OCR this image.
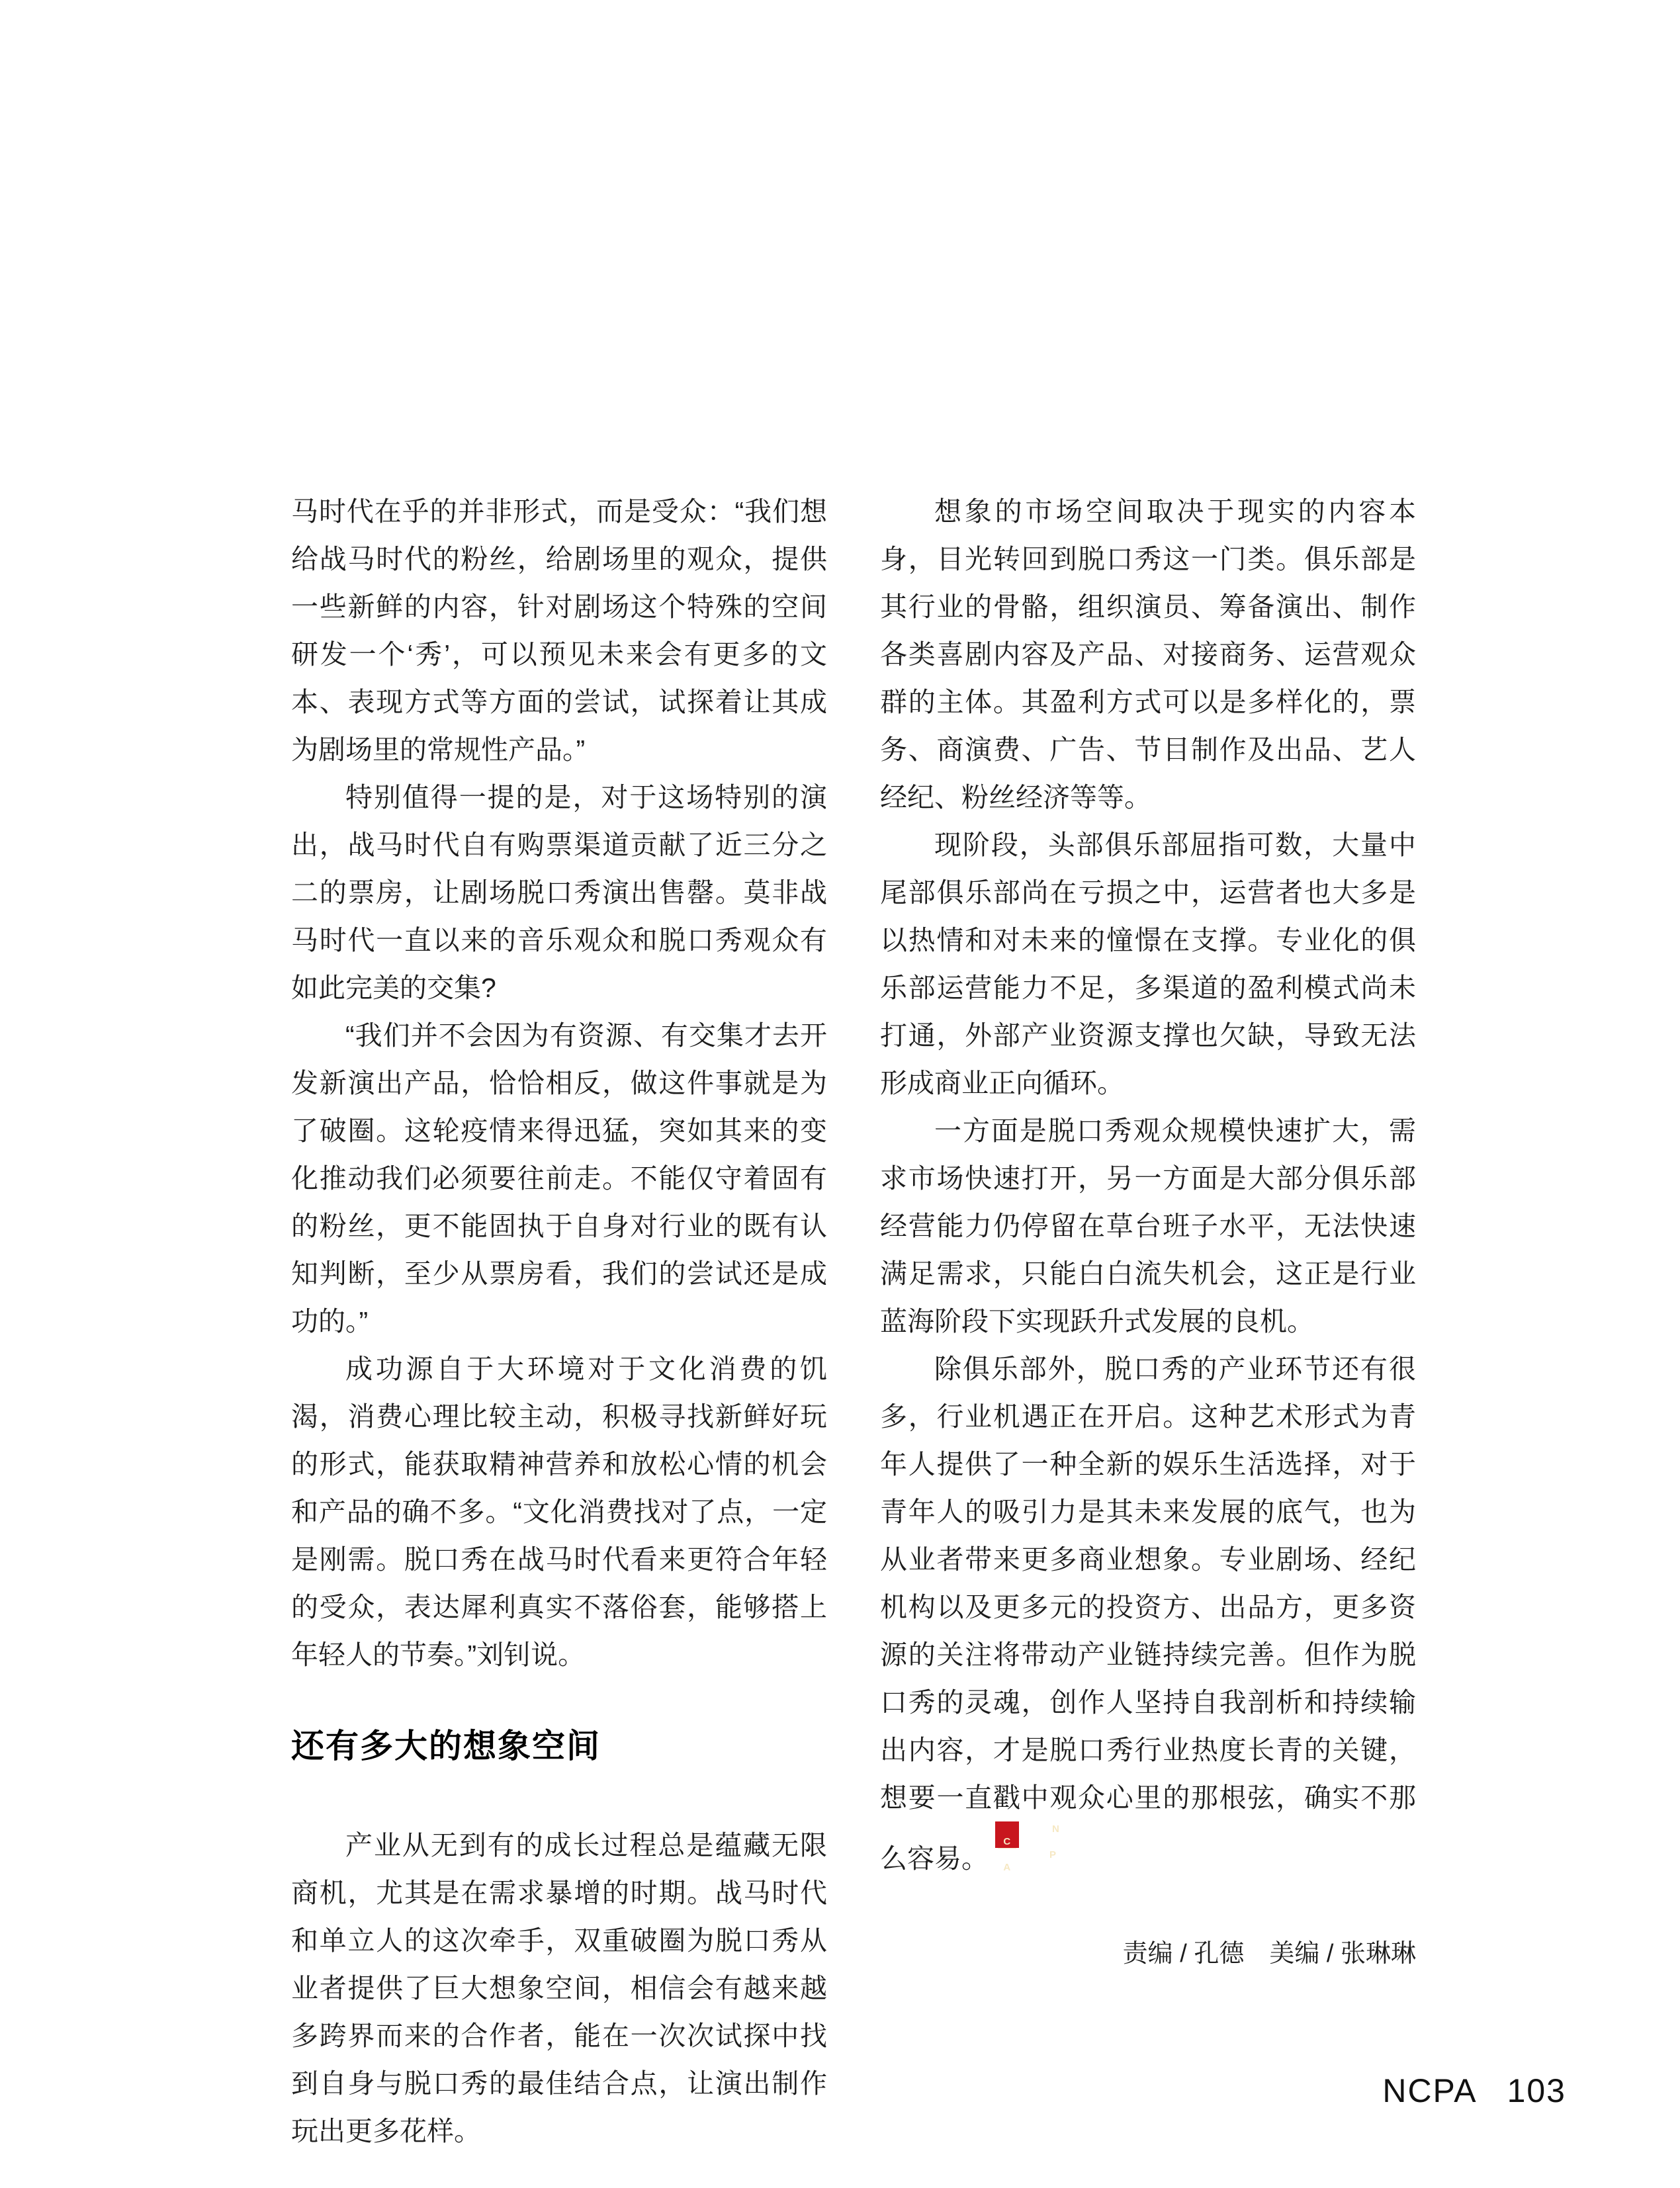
马时代在乎的并非形式，而是受众：“我们想给战马时代的粉丝，给剧场里的观众，提供一些新鲜的内容，针对剧场这个特殊的空间研发一个‘秀’，可以预见未来会有更多的文本、表现方式等方面的尝试，试探着让其成为剧场里的常规性产品。”

特别值得一提的是，对于这场特别的演出，战马时代自有购票渠道贡献了近三分之二的票房，让剧场脱口秀演出售罄。莫非战马时代一直以来的音乐观众和脱口秀观众有如此完美的交集?

“我们并不会因为有资源、有交集才去开发新演出产品，恰恰相反，做这件事就是为了破圈。这轮疫情来得迅猛，突如其来的变化推动我们必须要往前走。不能仅守着固有的粉丝，更不能固执于自身对行业的既有认知判断，至少从票房看，我们的尝试还是成功的。”

成功源自于大环境对于文化消费的饥渴，消费心理比较主动，积极寻找新鲜好玩的形式，能获取精神营养和放松心情的机会和产品的确不多。“文化消费找对了点，一定是刚需。脱口秀在战马时代看来更符合年轻的受众，表达犀利真实不落俗套，能够搭上年轻人的节奏。”刘钊说。

还有多大的想象空间

产业从无到有的成长过程总是蕴藏无限商机，尤其是在需求暴增的时期。战马时代和单立人的这次牵手，双重破圈为脱口秀从业者提供了巨大想象空间，相信会有越来越多跨界而来的合作者，能在一次次试探中找到自身与脱口秀的最佳结合点，让演出制作玩出更多花样。

想象的市场空间取决于现实的内容本身，目光转回到脱口秀这一门类。俱乐部是其行业的骨骼，组织演员、筹备演出、制作各类喜剧内容及产品、对接商务、运营观众群的主体。其盈利方式可以是多样化的，票务、商演费、广告、节目制作及出品、艺人经纪、粉丝经济等等。

现阶段，头部俱乐部屈指可数，大量中尾部俱乐部尚在亏损之中，运营者也大多是以热情和对未来的憧憬在支撑。专业化的俱乐部运营能力不足，多渠道的盈利模式尚未打通，外部产业资源支撑也欠缺，导致无法形成商业正向循环。

一方面是脱口秀观众规模快速扩大，需求市场快速打开，另一方面是大部分俱乐部经营能力仍停留在草台班子水平，无法快速满足需求，只能白白流失机会，这正是行业蓝海阶段下实现跃升式发展的良机。

除俱乐部外，脱口秀的产业环节还有很多，行业机遇正在开启。这种艺术形式为青年人提供了一种全新的娱乐生活选择，对于青年人的吸引力是其未来发展的底气，也为从业者带来更多商业想象。专业剧场、经纪机构以及更多元的投资方、出品方，更多资源的关注将带动产业链持续完善。但作为脱口秀的灵魂，创作人坚持自我剖析和持续输出内容，才是脱口秀行业热度长青的关键，想要一直戳中观众心里的那根弦，确实不那么容易。
$\frac{NC}{PA}$

责编 / 孔德　美编 / 张琳琳
NCPA 103
